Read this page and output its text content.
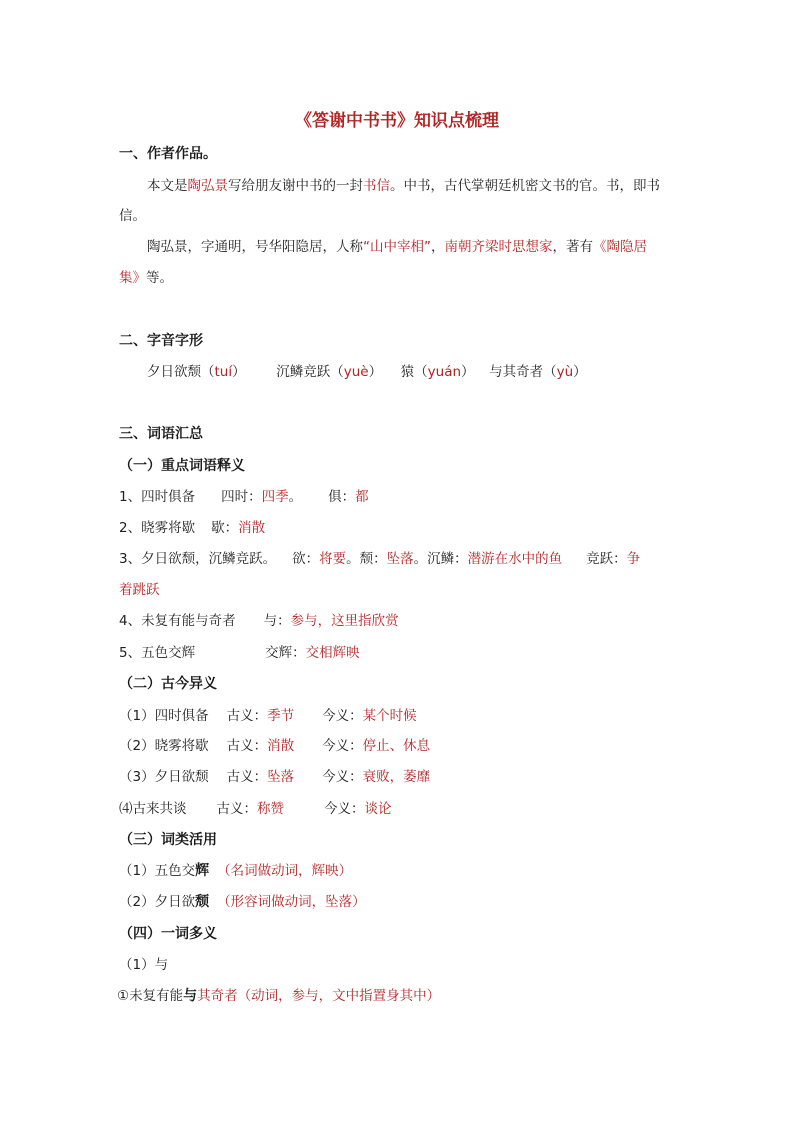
《答谢中书书》知识点梳理
一、作者作品。
本文是陶弘景写给朋友谢中书的一封书信。中书，古代掌朝廷机密文书的官。书，即书
信。
陶弘景，字通明，号华阳隐居，人称“山中宰相”，南朝齐梁时思想家，著有《陶隐居
集》等。
二、字音字形
夕日欲颓（tuí） 沉鳞竞跃（yuè） 猿（yuán） 与其奇者（yù）
三、词语汇总
（一）重点词语释义
1、四时俱备 四时：四季。 俱：都
2、晓雾将歇 歇：消散
3、夕日欲颓，沉鳞竞跃。 欲：将要。颓：坠落。沉鳞：潜游在水中的鱼 竞跃：争
着跳跃
4、未复有能与奇者 与：参与，这里指欣赏
5、五色交辉	交辉：交相辉映
（二）古今异义
（1）四时俱备 古义：季节 今义：某个时候
（2）晓雾将歇 古义：消散 今义：停止、休息
（3）夕日欲颓 古义：坠落 今义：衰败，萎靡
⑷古来共谈 古义：称赞	今义：谈论
（三）词类活用
（1）五色交辉 （名词做动词，辉映）
（2）夕日欲颓 （形容词做动词，坠落）
（四）一词多义
（1）与
①未复有能与其奇者（动词，参与，文中指置身其中）
